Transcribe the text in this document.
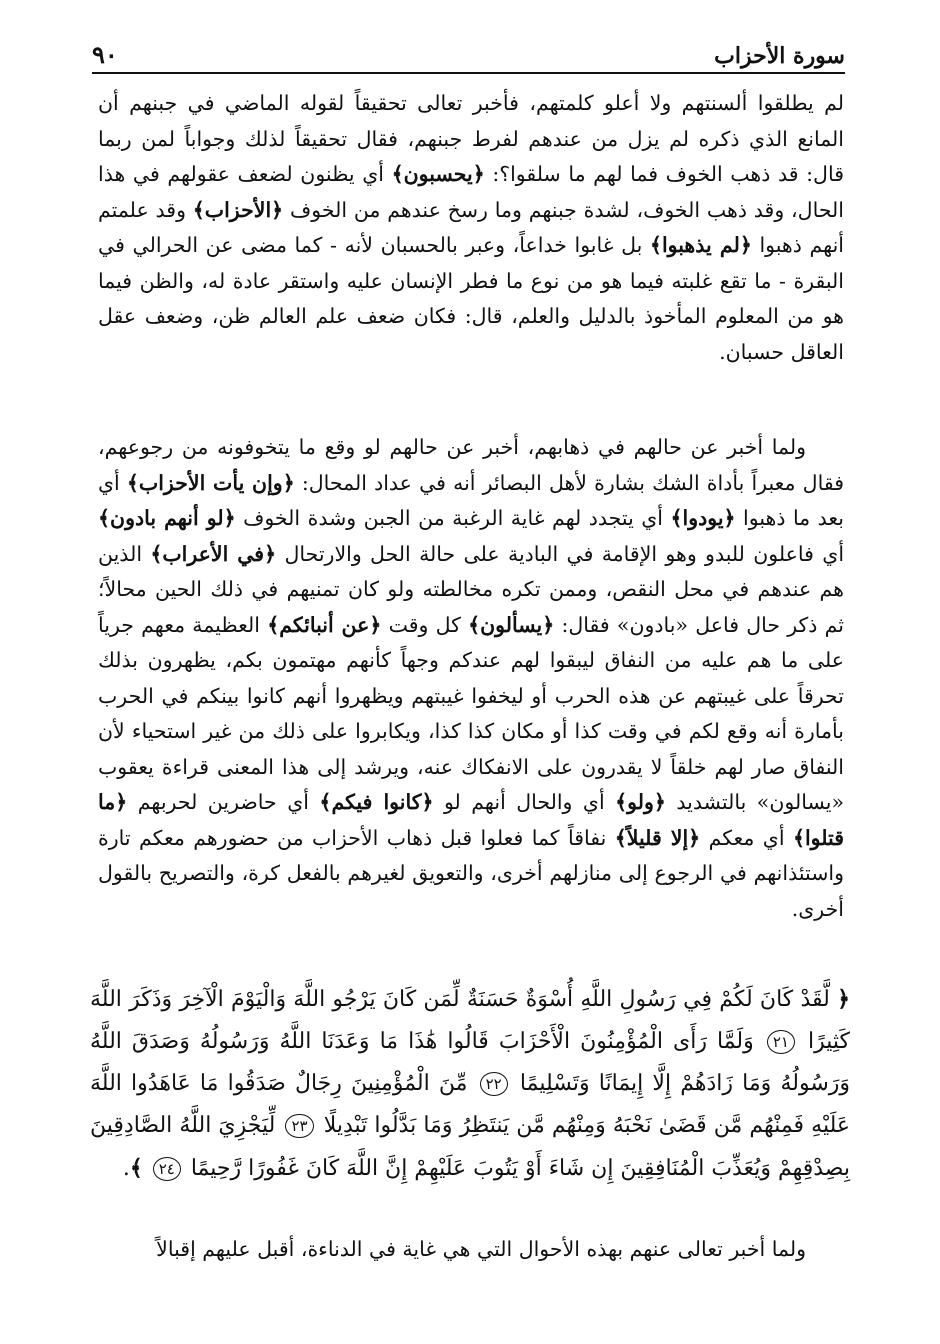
سورة الأحزاب
٩٠

لم يطلقوا ألسنتهم ولا أعلو كلمتهم، فأخبر تعالى تحقيقاً لقوله الماضي في جبنهم أن المانع الذي ذكره لم يزل من عندهم لفرط جبنهم، فقال تحقيقاً لذلك وجواباً لمن ربما قال: قد ذهب الخوف فما لهم ما سلقوا؟: ﴿يحسبون﴾ أي يظنون لضعف عقولهم في هذا الحال، وقد ذهب الخوف، لشدة جبنهم وما رسخ عندهم من الخوف ﴿الأحزاب﴾ وقد علمتم أنهم ذهبوا ﴿لم يذهبوا﴾ بل غابوا خداعاً، وعبر بالحسبان لأنه - كما مضى عن الحرالي في البقرة - ما تقع غلبته فيما هو من نوع ما فطر الإنسان عليه واستقر عادة له، والظن فيما هو من المعلوم المأخوذ بالدليل والعلم، قال: فكان ضعف علم العالم ظن، وضعف عقل العاقل حسبان.

ولما أخبر عن حالهم في ذهابهم، أخبر عن حالهم لو وقع ما يتخوفونه من رجوعهم، فقال معبراً بأداة الشك بشارة لأهل البصائر أنه في عداد المحال: ﴿وإن يأت الأحزاب﴾ أي بعد ما ذهبوا ﴿يودوا﴾ أي يتجدد لهم غاية الرغبة من الجبن وشدة الخوف ﴿لو أنهم بادون﴾ أي فاعلون للبدو وهو الإقامة في البادية على حالة الحل والارتحال ﴿في الأعراب﴾ الذين هم عندهم في محل النقص، وممن تكره مخالطته ولو كان تمنيهم في ذلك الحين محالاً؛ ثم ذكر حال فاعل «بادون» فقال: ﴿يسألون﴾ كل وقت ﴿عن أنبائكم﴾ العظيمة معهم جرياً على ما هم عليه من النفاق ليبقوا لهم عندكم وجهاً كأنهم مهتمون بكم، يظهرون بذلك تحرقاً على غيبتهم عن هذه الحرب أو ليخفوا غيبتهم ويظهروا أنهم كانوا بينكم في الحرب بأمارة أنه وقع لكم في وقت كذا أو مكان كذا كذا، ويكابروا على ذلك من غير استحياء لأن النفاق صار لهم خلقاً لا يقدرون على الانفكاك عنه، ويرشد إلى هذا المعنى قراءة يعقوب «يسالون» بالتشديد ﴿ولو﴾ أي والحال أنهم لو ﴿كانوا فيكم﴾ أي حاضرين لحربهم ﴿ما قتلوا﴾ أي معكم ﴿إلا قليلاً﴾ نفاقاً كما فعلوا قبل ذهاب الأحزاب من حضورهم معكم تارة واستئذانهم في الرجوع إلى منازلهم أخرى، والتعويق لغيرهم بالفعل كرة، والتصريح بالقول أخرى.

﴿ لَّقَدْ كَانَ لَكُمْ فِي رَسُولِ اللَّهِ أُسْوَةٌ حَسَنَةٌ لِّمَن كَانَ يَرْجُو اللَّهَ وَالْيَوْمَ الْآخِرَ وَذَكَرَ اللَّهَ كَثِيرًا ٢١ وَلَمَّا رَأَى الْمُؤْمِنُونَ الْأَحْزَابَ قَالُوا هَٰذَا مَا وَعَدَنَا اللَّهُ وَرَسُولُهُ وَصَدَقَ اللَّهُ وَرَسُولُهُ وَمَا زَادَهُمْ إِلَّا إِيمَانًا وَتَسْلِيمًا ٢٢ مِّنَ الْمُؤْمِنِينَ رِجَالٌ صَدَقُوا مَا عَاهَدُوا اللَّهَ عَلَيْهِ فَمِنْهُم مَّن قَضَىٰ نَحْبَهُ وَمِنْهُم مَّن يَنتَظِرُ وَمَا بَدَّلُوا تَبْدِيلًا ٢٣ لِّيَجْزِيَ اللَّهُ الصَّادِقِينَ بِصِدْقِهِمْ وَيُعَذِّبَ الْمُنَافِقِينَ إِن شَاءَ أَوْ يَتُوبَ عَلَيْهِمْ إِنَّ اللَّهَ كَانَ غَفُورًا رَّحِيمًا ٢٤ ﴾.

ولما أخبر تعالى عنهم بهذه الأحوال التي هي غاية في الدناءة، أقبل عليهم إقبالاً
